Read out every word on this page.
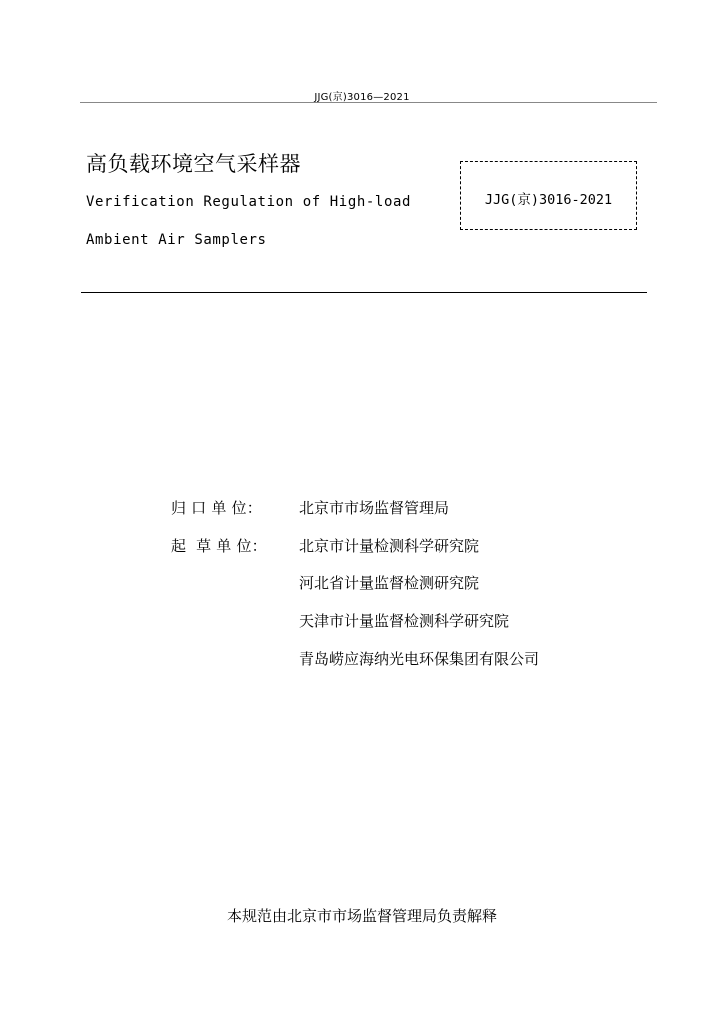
JJG(京)3016—2021
高负载环境空气采样器
Verification Regulation of High-load
Ambient Air Samplers
JJG(京)3016-2021
归 口 单 位： 北京市市场监督管理局
起  草 单 位： 北京市计量检测科学研究院
河北省计量监督检测研究院
天津市计量监督检测科学研究院
青岛崂应海纳光电环保集团有限公司
本规范由北京市市场监督管理局负责解释
